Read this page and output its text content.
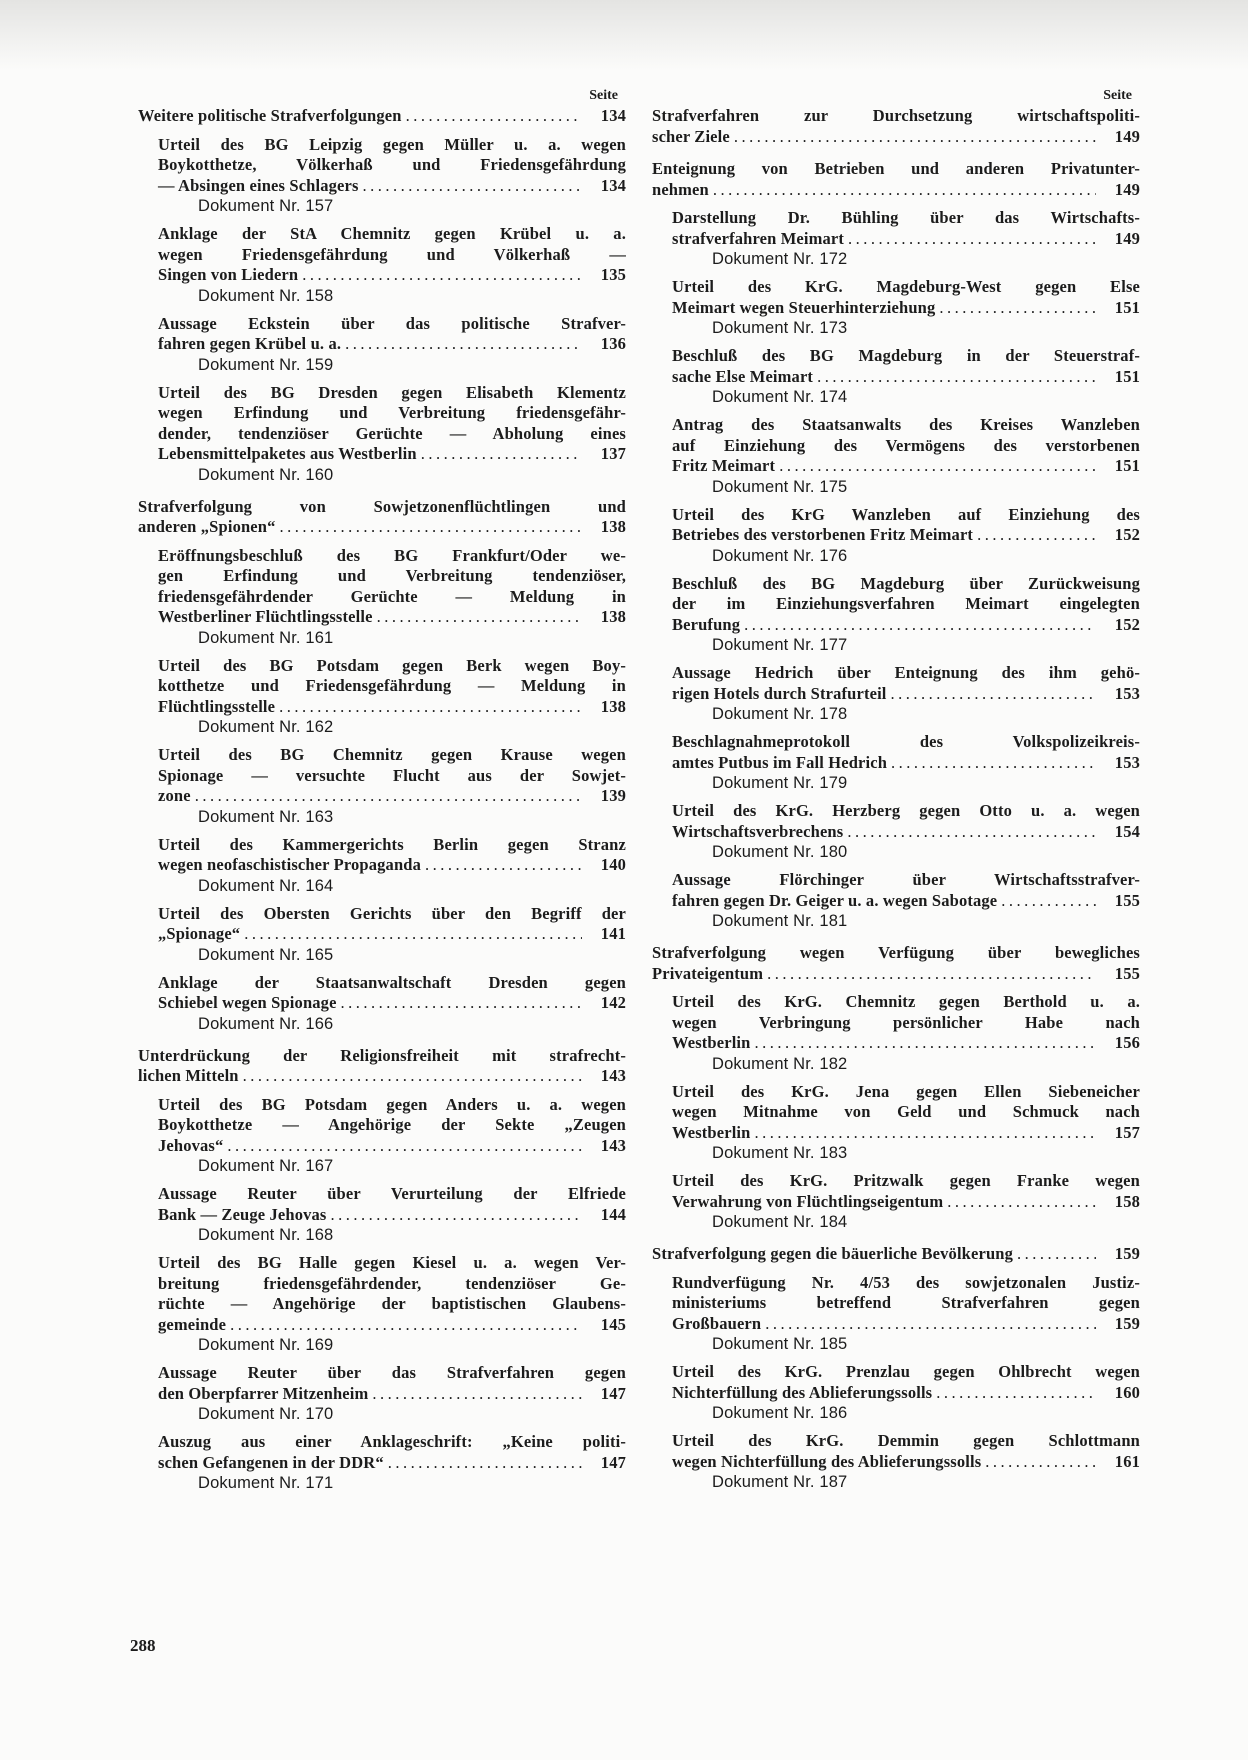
Seite
Weitere politische Strafverfolgungen .....	134
Urteil des BG Leipzig gegen Müller u. a. wegen
Boykotthetze, Völkerhaß und Friedensgefährdung
— Absingen eines Schlagers .....	134
Dokument Nr. 157
Anklage der StA Chemnitz gegen Krübel u. a.
wegen Friedensgefährdung und Völkerhaß —
Singen von Liedern .....	135
Dokument Nr. 158
Aussage Eckstein über das politische Strafver-
fahren gegen Krübel u. a. .....	136
Dokument Nr. 159
Urteil des BG Dresden gegen Elisabeth Klementz
wegen Erfindung und Verbreitung friedensgefähr-
dender, tendenziöser Gerüchte — Abholung eines
Lebensmittelpaketes aus Westberlin .....	137
Dokument Nr. 160
Strafverfolgung von Sowjetzonenflüchtlingen und
anderen „Spionen“ .....	138
Eröffnungsbeschluß des BG Frankfurt/Oder we-
gen Erfindung und Verbreitung tendenziöser,
friedensgefährdender Gerüchte — Meldung in
Westberliner Flüchtlingsstelle .....	138
Dokument Nr. 161
Urteil des BG Potsdam gegen Berk wegen Boy-
kotthetze und Friedensgefährdung — Meldung in
Flüchtlingsstelle .....	138
Dokument Nr. 162
Urteil des BG Chemnitz gegen Krause wegen
Spionage — versuchte Flucht aus der Sowjet-
zone .....	139
Dokument Nr. 163
Urteil des Kammergerichts Berlin gegen Stranz
wegen neofaschistischer Propaganda .....	140
Dokument Nr. 164
Urteil des Obersten Gerichts über den Begriff der
„Spionage“ .....	141
Dokument Nr. 165
Anklage der Staatsanwaltschaft Dresden gegen
Schiebel wegen Spionage .....	142
Dokument Nr. 166
Unterdrückung der Religionsfreiheit mit strafrecht-
lichen Mitteln .....	143
Urteil des BG Potsdam gegen Anders u. a. wegen
Boykotthetze — Angehörige der Sekte „Zeugen
Jehovas“ .....	143
Dokument Nr. 167
Aussage Reuter über Verurteilung der Elfriede
Bank — Zeuge Jehovas .....	144
Dokument Nr. 168
Urteil des BG Halle gegen Kiesel u. a. wegen Ver-
breitung friedensgefährdender, tendenziöser Ge-
rüchte — Angehörige der baptistischen Glaubens-
gemeinde .....	145
Dokument Nr. 169
Aussage Reuter über das Strafverfahren gegen
den Oberpfarrer Mitzenheim .....	147
Dokument Nr. 170
Auszug aus einer Anklageschrift: „Keine politi-
schen Gefangenen in der DDR“ .....	147
Dokument Nr. 171
Seite
Strafverfahren zur Durchsetzung wirtschaftspoliti-
scher Ziele .....	149
Enteignung von Betrieben und anderen Privatunter-
nehmen .....	149
Darstellung Dr. Bühling über das Wirtschafts-
strafverfahren Meimart .....	149
Dokument Nr. 172
Urteil des KrG. Magdeburg-West gegen Else
Meimart wegen Steuerhinterziehung .....	151
Dokument Nr. 173
Beschluß des BG Magdeburg in der Steuerstraf-
sache Else Meimart .....	151
Dokument Nr. 174
Antrag des Staatsanwalts des Kreises Wanzleben
auf Einziehung des Vermögens des verstorbenen
Fritz Meimart .....	151
Dokument Nr. 175
Urteil des KrG Wanzleben auf Einziehung des
Betriebes des verstorbenen Fritz Meimart .....	152
Dokument Nr. 176
Beschluß des BG Magdeburg über Zurückweisung
der im Einziehungsverfahren Meimart eingelegten
Berufung .....	152
Dokument Nr. 177
Aussage Hedrich über Enteignung des ihm gehö-
rigen Hotels durch Strafurteil .....	153
Dokument Nr. 178
Beschlagnahmeprotokoll des Volkspolizeikreis-
amtes Putbus im Fall Hedrich .....	153
Dokument Nr. 179
Urteil des KrG. Herzberg gegen Otto u. a. wegen
Wirtschaftsverbrechens .....	154
Dokument Nr. 180
Aussage Flörchinger über Wirtschaftsstrafver-
fahren gegen Dr. Geiger u. a. wegen Sabotage .....	155
Dokument Nr. 181
Strafverfolgung wegen Verfügung über bewegliches
Privateigentum .....	155
Urteil des KrG. Chemnitz gegen Berthold u. a.
wegen Verbringung persönlicher Habe nach
Westberlin .....	156
Dokument Nr. 182
Urteil des KrG. Jena gegen Ellen Siebeneicher
wegen Mitnahme von Geld und Schmuck nach
Westberlin .....	157
Dokument Nr. 183
Urteil des KrG. Pritzwalk gegen Franke wegen
Verwahrung von Flüchtlingseigentum .....	158
Dokument Nr. 184
Strafverfolgung gegen die bäuerliche Bevölkerung .....	159
Rundverfügung Nr. 4/53 des sowjetzonalen Justiz-
ministeriums betreffend Strafverfahren gegen
Großbauern .....	159
Dokument Nr. 185
Urteil des KrG. Prenzlau gegen Ohlbrecht wegen
Nichterfüllung des Ablieferungssolls .....	160
Dokument Nr. 186
Urteil des KrG. Demmin gegen Schlottmann
wegen Nichterfüllung des Ablieferungssolls .....	161
Dokument Nr. 187
288
